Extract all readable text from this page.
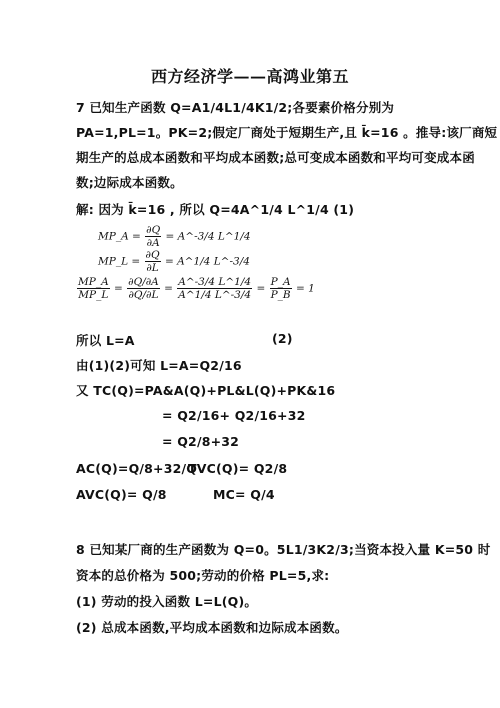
西方经济学——高鸿业第五
7 已知生产函数 Q=A1/4L1/4K1/2;各要素价格分别为
PA=1,PL=1。PK=2;假定厂商处于短期生产,且 k̄=16 。推导:该厂商短
期生产的总成本函数和平均成本函数;总可变成本函数和平均可变成本函
数;边际成本函数。
解: 因为 k̄=16 , 所以 Q=4A^1/4 L^1/4 (1)
MP_A = $\frac{\partial Q}{\partial A}$ = A^-3/4 L^1/4
MP_L = $\frac{\partial Q}{\partial L}$ = A^1/4 L^-3/4
$\frac{MP\_A}{MP\_L} = \frac{\partial Q/\partial A}{\partial Q/\partial L} = \frac{A\^{}-3/4 L\^{}1/4}{A\^{}1/4 L\^{}-3/4} = \frac{P\_A}{P\_B} = 1$
所以 L=A	(2)
由(1)(2)可知 L=A=Q2/16
又 TC(Q)=PA&A(Q)+PL&L(Q)+PK&16
= Q2/16+ Q2/16+32
= Q2/8+32
AC(Q)=Q/8+32/Q
TVC(Q)= Q2/8
AVC(Q)= Q/8	MC= Q/4
8 已知某厂商的生产函数为 Q=0。5L1/3K2/3;当资本投入量 K=50 时
资本的总价格为 500;劳动的价格 PL=5,求:
(1) 劳动的投入函数 L=L(Q)。
(2) 总成本函数,平均成本函数和边际成本函数。
